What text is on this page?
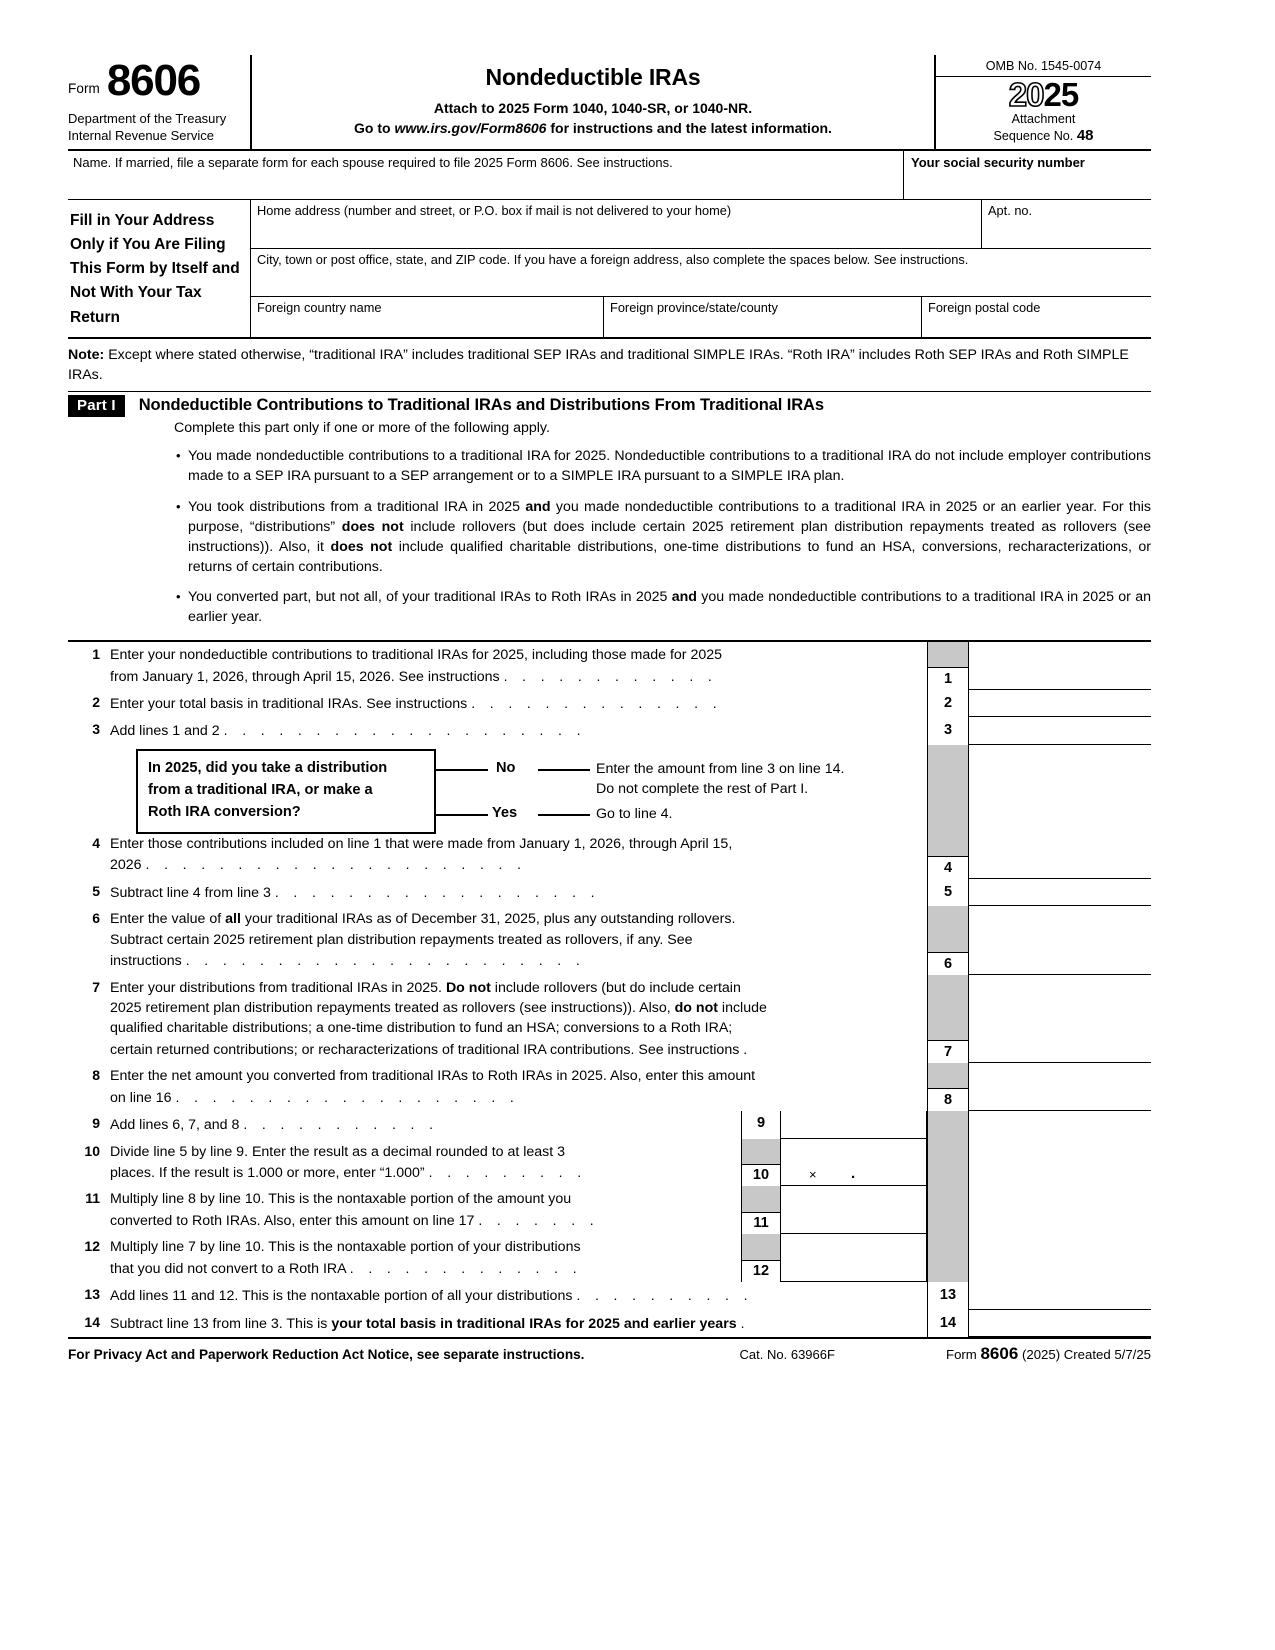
Form 8606
Department of the Treasury
Internal Revenue Service
Nondeductible IRAs
Attach to 2025 Form 1040, 1040-SR, or 1040-NR.
Go to www.irs.gov/Form8606 for instructions and the latest information.
OMB No. 1545-0074
2025
Attachment
Sequence No. 48
Name. If married, file a separate form for each spouse required to file 2025 Form 8606. See instructions.	Your social security number
Fill in Your Address Only if You Are Filing This Form by Itself and Not With Your Tax Return
Home address (number and street, or P.O. box if mail is not delivered to your home)	Apt. no.
City, town or post office, state, and ZIP code. If you have a foreign address, also complete the spaces below. See instructions.
Foreign country name	Foreign province/state/county	Foreign postal code
Note: Except where stated otherwise, “traditional IRA” includes traditional SEP IRAs and traditional SIMPLE IRAs. “Roth IRA” includes Roth SEP IRAs and Roth SIMPLE IRAs.
Part I	Nondeductible Contributions to Traditional IRAs and Distributions From Traditional IRAs
Complete this part only if one or more of the following apply.
• You made nondeductible contributions to a traditional IRA for 2025. Nondeductible contributions to a traditional IRA do not include employer contributions made to a SEP IRA pursuant to a SEP arrangement or to a SIMPLE IRA pursuant to a SIMPLE IRA plan.
• You took distributions from a traditional IRA in 2025 and you made nondeductible contributions to a traditional IRA in 2025 or an earlier year. For this purpose, “distributions” does not include rollovers (but does include certain 2025 retirement plan distribution repayments treated as rollovers (see instructions)). Also, it does not include qualified charitable distributions, one-time distributions to fund an HSA, conversions, recharacterizations, or returns of certain contributions.
• You converted part, but not all, of your traditional IRAs to Roth IRAs in 2025 and you made nondeductible contributions to a traditional IRA in 2025 or an earlier year.
1 Enter your nondeductible contributions to traditional IRAs for 2025, including those made for 2025
from January 1, 2026, through April 15, 2026. See instructions . . . . . . . . . . . .	1
2 Enter your total basis in traditional IRAs. See instructions . . . . . . . . . . . . . .	2
3 Add lines 1 and 2 . . . . . . . . . . . . . . . . . . . .	3
In 2025, did you take a distribution
from a traditional IRA, or make a
Roth IRA conversion?
No	Enter the amount from line 3 on line 14.
Do not complete the rest of Part I.
Yes	Go to line 4.
4 Enter those contributions included on line 1 that were made from January 1, 2026, through April 15,
2026 . . . . . . . . . . . . . . . . . . . . .	4
5 Subtract line 4 from line 3 . . . . . . . . . . . . . . . . . .	5
6 Enter the value of all your traditional IRAs as of December 31, 2025, plus any outstanding rollovers.
Subtract certain 2025 retirement plan distribution repayments treated as rollovers, if any. See
instructions . . . . . . . . . . . . . . . . . . . . . .	6
7 Enter your distributions from traditional IRAs in 2025. Do not include rollovers (but do include certain
2025 retirement plan distribution repayments treated as rollovers (see instructions)). Also, do not include
qualified charitable distributions; a one-time distribution to fund an HSA; conversions to a Roth IRA;
certain returned contributions; or recharacterizations of traditional IRA contributions. See instructions .	7
8 Enter the net amount you converted from traditional IRAs to Roth IRAs in 2025. Also, enter this amount
on line 16 . . . . . . . . . . . . . . . . . . .	8
9 Add lines 6, 7, and 8 . . . . . . . . . . .	9
10 Divide line 5 by line 9. Enter the result as a decimal rounded to at least 3
places. If the result is 1.000 or more, enter “1.000” . . . . . . . . .	10	× .
11 Multiply line 8 by line 10. This is the nontaxable portion of the amount you
converted to Roth IRAs. Also, enter this amount on line 17 . . . . . . .	11
12 Multiply line 7 by line 10. This is the nontaxable portion of your distributions
that you did not convert to a Roth IRA . . . . . . . . . . . . .	12
13 Add lines 11 and 12. This is the nontaxable portion of all your distributions . . . . . . . . . .	13
14 Subtract line 13 from line 3. This is your total basis in traditional IRAs for 2025 and earlier years .	14
For Privacy Act and Paperwork Reduction Act Notice, see separate instructions.	Cat. No. 63966F	Form 8606 (2025) Created 5/7/25
